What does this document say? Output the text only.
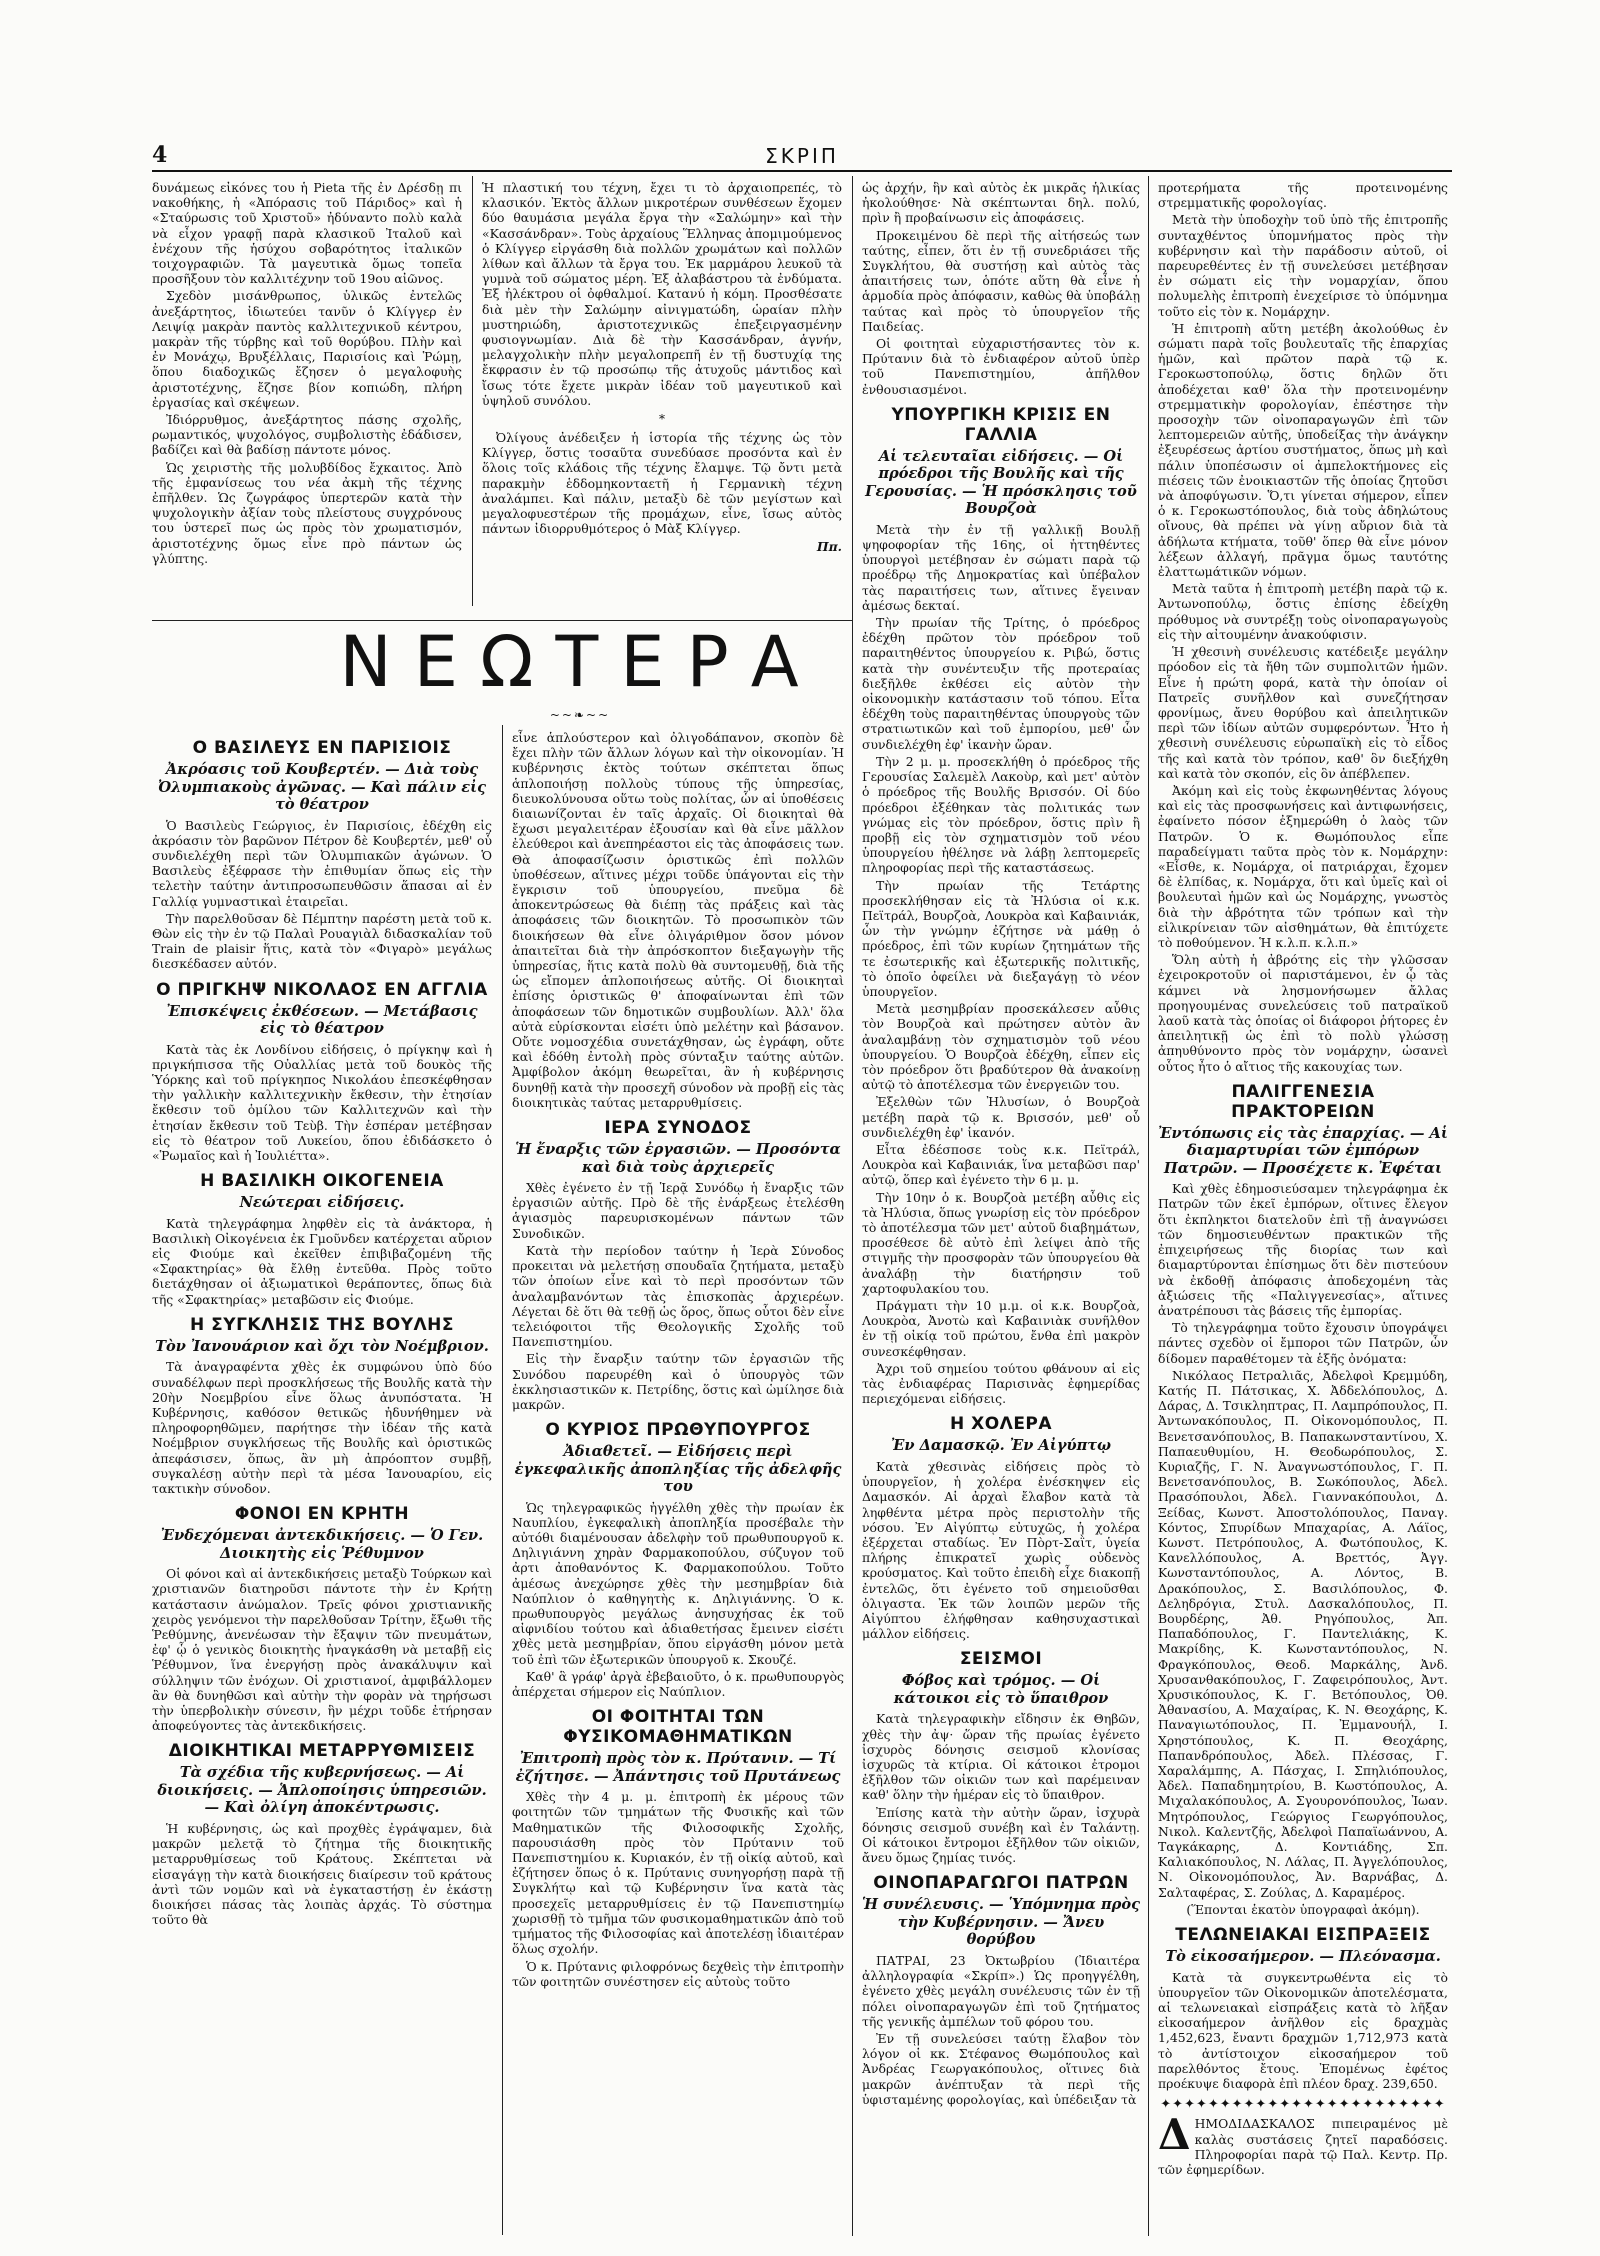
4	ΣΚΡΙΠ

δυνάμεως εἰκόνες του ἡ Pieta τῆς ἐν Δρέσδῃ πι νακοθήκης, ἡ «Ἀπόρασις τοῦ Πάριδος» καὶ ἡ «Σταύρωσις τοῦ Χριστοῦ» ἠδύναντο πολὺ καλὰ νὰ εἶχον γραφῇ παρὰ κλασικοῦ Ἰταλοῦ καὶ ἐνέχουν τῆς ἡσύχου σοβαρότητος ἰταλικῶν τοιχογραφιῶν. Τὰ μαγευτικὰ ὅμως τοπεῖα προσῆξουν τὸν καλλιτέχνην τοῦ 19ου αἰῶνος.

Σχεδὸν μισάνθρωπος, ὑλικῶς ἐντελῶς ἀνεξάρτητος, ἰδιωτεύει τανῦν ὁ Κλίγγερ ἐν Λειψίᾳ μακρὰν παντὸς καλλιτεχνικοῦ κέντρου, μακρὰν τῆς τύρβης καὶ τοῦ θορύβου. Πλὴν καὶ ἐν Μονάχῳ, Βρυξέλλαις, Παρισίοις καὶ Ῥώμῃ, ὅπου διαδοχικῶς ἔζησεν ὁ μεγαλοφυὴς ἀριστοτέχνης, ἔζησε βίον κοπιώδη, πλήρη ἐργασίας καὶ σκέψεων.

Ἰδιόρρυθμος, ἀνεξάρτητος πάσης σχολῆς, ρωμαντικός, ψυχολόγος, συμβολιστὴς ἐδάδισεν, βαδίζει καὶ θὰ βαδίσῃ πάντοτε μόνος.

Ὡς χειριστὴς τῆς μολυβδίδος ἔχκαιτος. Ἀπὸ τῆς ἐμφανίσεως του νέα ἀκμὴ τῆς τέχνης ἐπῆλθεν. Ὡς ζωγράφος ὑπερτερῶν κατὰ τὴν ψυχολογικὴν ἀξίαν τοὺς πλείστους συγχρόνους του ὑστερεῖ πως ὡς πρὸς τὸν χρωματισμόν, ἀριστοτέχνης ὅμως εἶνε πρὸ πάντων ὡς γλύπτης.

Ἡ πλαστική του τέχνη, ἔχει τι τὸ ἀρχαιοπρεπές, τὸ κλασικόν. Ἐκτὸς ἄλλων μικροτέρων συνθέσεων ἔχομεν δύο θαυμάσια μεγάλα ἔργα τὴν «Σαλώμην» καὶ τὴν «Κασσάνδραν». Τοὺς ἀρχαίους Ἕλληνας ἀπομιμούμενος ὁ Κλίγγερ εἰργάσθη διὰ πολλῶν χρωμάτων καὶ πολλῶν λίθων καὶ ἄλλων τὰ ἔργα του. Ἐκ μαρμάρου λευκοῦ τὰ γυμνὰ τοῦ σώματος μέρη. Ἐξ ἀλαβάστρου τὰ ἐνδύματα. Ἐξ ἠλέκτρου οἱ ὀφθαλμοί. Κατανύ ἡ κόμη. Προσθέσατε διὰ μὲν τὴν Σαλώμην αἰνιγματώδη, ὡραίαν πλὴν μυστηριώδη, ἀριστοτεχνικῶς ἐπεξειργασμένην φυσιογνωμίαν. Διὰ δὲ τὴν Κασσάνδραν, ἁγνήν, μελαγχολικὴν πλὴν μεγαλοπρεπῆ ἐν τῇ δυστυχίᾳ της ἔκφρασιν ἐν τῷ προσώπῳ τῆς ἀτυχοῦς μάντιδος καὶ ἴσως τότε ἔχετε μικρὰν ἰδέαν τοῦ μαγευτικοῦ καὶ ὑψηλοῦ συνόλου.

*

Ὀλίγους ἀνέδειξεν ἡ ἱστορία τῆς τέχνης ὡς τὸν Κλίγγερ, ὅστις τοσαῦτα συνεδύασε προσόντα καὶ ἐν ὅλοις τοῖς κλάδοις τῆς τέχνης ἔλαμψε. Τῷ ὄντι μετὰ παρακμὴν ἑδδομηκονταετῆ ἡ Γερμανικὴ τέχνη ἀναλάμπει. Καὶ πάλιν, μεταξὺ δὲ τῶν μεγίστων καὶ μεγαλοφυεστέρων τῆς προμάχων, εἶνε, ἴσως αὐτὸς πάντων ἰδιορρυθμότερος ὁ Μὰξ Κλίγγερ.

Ππ.

ὡς ἀρχήν, ἣν καὶ αὐτὸς ἐκ μικρᾶς ἡλικίας ἠκολούθησε· Νὰ σκέπτωνται δηλ. πολύ, πρὶν ἢ προβαίνωσιν εἰς ἀποφάσεις.

Προκειμένου δὲ περὶ τῆς αἰτήσεώς των ταύτης, εἶπεν, ὅτι ἐν τῇ συνεδριάσει τῆς Συγκλήτου, θὰ συστήσῃ καὶ αὐτὸς τὰς ἀπαιτήσεις των, ὁπότε αὕτη θὰ εἶνε ἡ ἁρμοδία πρὸς ἀπόφασιν, καθὼς θὰ ὑποβάλῃ ταύτας καὶ πρὸς τὸ ὑπουργεῖον τῆς Παιδείας.

Οἱ φοιτηταὶ εὐχαριστήσαντες τὸν κ. Πρύτανιν διὰ τὸ ἐνδιαφέρον αὐτοῦ ὑπὲρ τοῦ Πανεπιστημίου, ἀπῆλθον ἐνθουσιασμένοι.

ΥΠΟΥΡΓΙΚΗ ΚΡΙΣΙΣ ΕΝ ΓΑΛΛΙΑ
Αἱ τελευταῖαι εἰδήσεις. — Οἱ πρόεδροι τῆς Βουλῆς καὶ τῆς Γερουσίας. — Ἡ πρόσκλησις τοῦ Βουρζοὰ

Μετὰ τὴν ἐν τῇ γαλλικῇ Βουλῇ ψηφοφορίαν τῆς 16ης, οἱ ἡττηθέντες ὑπουργοὶ μετέβησαν ἐν σώματι παρὰ τῷ προέδρῳ τῆς Δημοκρατίας καὶ ὑπέβαλον τὰς παραιτήσεις των, αἵτινες ἔγειναν ἀμέσως δεκταί.

Τὴν πρωίαν τῆς Τρίτης, ὁ πρόεδρος ἐδέχθη πρῶτον τὸν πρόεδρον τοῦ παραιτηθέντος ὑπουργείου κ. Ριβώ, ὅστις κατὰ τὴν συνέντευξιν τῆς προτεραίας διεξῆλθε ἐκθέσει εἰς αὐτὸν τὴν οἰκονομικὴν κατάστασιν τοῦ τόπου. Εἶτα ἐδέχθη τοὺς παραιτηθέντας ὑπουργοὺς τῶν στρατιωτικῶν καὶ τοῦ ἐμπορίου, μεθ' ὧν συνδιελέχθη ἐφ' ἱκανὴν ὥραν.

Τὴν 2 μ. μ. προσεκλήθη ὁ πρόεδρος τῆς Γερουσίας Σαλεμὲλ Λακοὺρ, καὶ μετ' αὐτὸν ὁ πρόεδρος τῆς Βουλῆς Βρισσόν. Οἱ δύο πρόεδροι ἐξέθηκαν τὰς πολιτικάς των γνώμας εἰς τὸν πρόεδρον, ὅστις πρὶν ἢ προβῇ εἰς τὸν σχηματισμὸν τοῦ νέου ὑπουργείου ἠθέλησε νὰ λάβῃ λεπτομερεῖς πληροφορίας περὶ τῆς καταστάσεως.

Τὴν πρωίαν τῆς Τετάρτης προσεκλήθησαν εἰς τὰ Ἠλύσια οἱ κ.κ. Πεϊτράλ, Βουρζοὰ, Λουκρὸα καὶ Καβαινιάκ, ὧν τὴν γνώμην ἐζήτησε νὰ μάθῃ ὁ πρόεδρος, ἐπὶ τῶν κυρίων ζητημάτων τῆς τε ἐσωτερικῆς καὶ ἐξωτερικῆς πολιτικῆς, τὸ ὁποῖο ὀφείλει νὰ διεξαγάγῃ τὸ νέον ὑπουργεῖον.

Μετὰ μεσημβρίαν προσεκάλεσεν αὖθις τὸν Βουρζοὰ καὶ πρώτησεν αὐτὸν ἂν ἀναλαμβάνῃ τὸν σχηματισμὸν τοῦ νέου ὑπουργείου. Ὁ Βουρζοὰ ἐδέχθη, εἶπεν εἰς τὸν πρόεδρον ὅτι βραδύτερον θὰ ἀνακοίνῃ αὐτῷ τὸ ἀποτέλεσμα τῶν ἐνεργειῶν του.

Ἐξελθὼν τῶν Ἠλυσίων, ὁ Βουρζοὰ μετέβη παρὰ τῷ κ. Βρισσόν, μεθ' οὗ συνδιελέχθη ἐφ' ἱκανόν.

Εἶτα ἐδέσποσε τοὺς κ.κ. Πεϊτράλ, Λουκρὸα καὶ Καβαινιάκ, ἵνα μεταβῶσι παρ' αὐτῷ, ὅπερ καὶ ἐγένετο τὴν 6 μ. μ.

Τὴν 10ην ὁ κ. Βουρζοὰ μετέβη αὖθις εἰς τὰ Ἠλύσια, ὅπως γνωρίσῃ εἰς τὸν πρόεδρον τὸ ἀποτέλεσμα τῶν μετ' αὐτοῦ διαβημάτων, προσέθεσε δὲ αὐτὸ ἐπὶ λείψει ἀπὸ τῆς στιγμῆς τὴν προσφορὰν τῶν ὑπουργείου θὰ ἀναλάβῃ τὴν διατήρησιν τοῦ χαρτοφυλακίου του.

Πράγματι τὴν 10 μ.μ. οἱ κ.κ. Βουρζοὰ, Λουκρὸα, Ἀνοτὼ καὶ Καβαινιὰκ συνῆλθον ἐν τῇ οἰκίᾳ τοῦ πρώτου, ἔνθα ἐπὶ μακρὸν συνεσκέφθησαν.

Ἀχρι τοῦ σημείου τούτου φθάνουν αἱ εἰς τὰς ἐνδιαφέρας Παρισινὰς ἐφημερίδας περιεχόμεναι εἰδήσεις.

Η ΧΟΛΕΡΑ
Ἐν Δαμασκῷ. Ἐν Αἰγύπτῳ

Κατὰ χθεσινὰς εἰδήσεις πρὸς τὸ ὑπουργεῖον, ἡ χολέρα ἐνέσκηψεν εἰς Δαμασκόν. Αἱ ἀρχαὶ ἔλαβον κατὰ τὰ ληφθέντα μέτρα πρὸς περιστολὴν τῆς νόσου. Ἐν Αἰγύπτῳ εὐτυχῶς, ἡ χολέρα ἐξέρχεται σταδίως. Ἐν Πὸρτ-Σαῒτ, ὑγεία πλήρης ἐπικρατεῖ χωρὶς οὐδενὸς κρούσματος. Καὶ τοῦτο ἐπειδὴ εἶχε διακοπῇ ἐντελῶς, ὅτι ἐγένετο τοῦ σημειοῦσθαι ὀλιγαστα. Ἐκ τῶν λοιπῶν μερῶν τῆς Αἰγύπτου ἐλήφθησαν καθησυχαστικαὶ μάλλον εἰδήσεις.

ΣΕΙΣΜΟΙ
Φόβος καὶ τρόμος. — Οἱ κάτοικοι εἰς τὸ ὕπαιθρον

Κατὰ τηλεγραφικὴν εἴδησιν ἐκ Θηβῶν, χθὲς τὴν ἀψ· ὥραν τῆς πρωίας ἐγένετο ἰσχυρὸς δόνησις σεισμοῦ κλονίσας ἰσχυρῶς τὰ κτίρια. Οἱ κάτοικοι ἐτρομοι ἐξῆλθον τῶν οἰκιῶν των καὶ παρέμειναν καθ' ὅλην τὴν ἡμέραν εἰς τὸ ὕπαιθρον.

Ἐπίσης κατὰ τὴν αὐτὴν ὥραν, ἰσχυρὰ δόνησις σεισμοῦ συνέβη καὶ ἐν Ταλάντῃ. Οἱ κάτοικοι ἔντρομοι ἐξῆλθον τῶν οἰκιῶν, ἄνευ ὅμως ζημίας τινός.

ΟΙΝΟΠΑΡΑΓΩΓΟΙ ΠΑΤΡΩΝ
Ἡ συνέλευσις. — Ὑπόμνημα πρὸς τὴν Κυβέρνησιν. — Ἄνευ θορύβου

ΠΑΤΡΑΙ, 23 Ὀκτωβρίου (Ἰδιαιτέρα ἀλληλογραφία «Σκρίπ».) Ὡς προηγγέλθη, ἐγένετο χθὲς μεγάλη συνέλευσις τῶν ἐν τῇ πόλει οἰνοπαραγωγῶν ἐπὶ τοῦ ζητήματος τῆς γενικῆς ἀμπέλων τοῦ φόρου του.

Ἐν τῇ συνελεύσει ταύτῃ ἔλαβον τὸν λόγον οἱ κκ. Στέφανος Θωμόπουλος καὶ Ἀνδρέας Γεωργακόπουλος, οἵτινες διὰ μακρῶν ἀνέπτυξαν τὰ περὶ τῆς ὑφισταμένης φορολογίας, καὶ ὑπέδειξαν τὰ

προτερήματα τῆς προτεινομένης στρεμματικῆς φορολογίας.

Μετὰ τὴν ὑποδοχὴν τοῦ ὑπὸ τῆς ἐπιτροπῆς συνταχθέντος ὑπομνήματος πρὸς τὴν κυβέρνησιν καὶ τὴν παράδοσιν αὐτοῦ, οἱ παρευρεθέντες ἐν τῇ συνελεύσει μετέβησαν ἐν σώματι εἰς τὴν νομαρχίαν, ὅπου πολυμελὴς ἐπιτροπὴ ἐνεχείρισε τὸ ὑπόμνημα τοῦτο εἰς τὸν κ. Νομάρχην.

Ἡ ἐπιτροπὴ αὕτη μετέβη ἀκολούθως ἐν σώματι παρὰ τοῖς βουλευταῖς τῆς ἐπαρχίας ἡμῶν, καὶ πρῶτον παρὰ τῷ κ. Γεροκωστοπούλῳ, ὅστις δηλῶν ὅτι ἀποδέχεται καθ' ὅλα τὴν προτεινομένην στρεμματικὴν φορολογίαν, ἐπέστησε τὴν προσοχὴν τῶν οἰνοπαραγωγῶν ἐπὶ τῶν λεπτομερειῶν αὐτῆς, ὑποδείξας τὴν ἀνάγκην ἐξευρέσεως ἀρτίου συστήματος, ὅπως μὴ καὶ πάλιν ὑποπέσωσιν οἱ ἀμπελοκτήμονες εἰς πιέσεις τῶν ἐνοικιαστῶν τῆς ὁποίας ζητοῦσι νὰ ἀποφύγωσιν. Ὅ,τι γίνεται σήμερον, εἶπεν ὁ κ. Γεροκωστόπουλος, διὰ τοὺς ἀδηλώτους οἴνους, θὰ πρέπει νὰ γίνῃ αὔριον διὰ τὰ ἀδήλωτα κτήματα, τοῦθ' ὅπερ θὰ εἶνε μόνον λέξεων ἀλλαγή, πρᾶγμα ὅμως ταυτότης ἐλαττωμάτικῶν νόμων.

Μετὰ ταῦτα ἡ ἐπιτροπὴ μετέβη παρὰ τῷ κ. Ἀντωνοπούλῳ, ὅστις ἐπίσης ἐδείχθη πρόθυμος νὰ συντρέξῃ τοὺς οἰνοπαραγωγοὺς εἰς τὴν αἰτουμένην ἀνακούφισιν.

Ἡ χθεσινὴ συνέλευσις κατέδειξε μεγάλην πρόοδον εἰς τὰ ἤθη τῶν συμπολιτῶν ἡμῶν. Εἶνε ἡ πρώτη φορά, κατὰ τὴν ὁποίαν οἱ Πατρεῖς συνῆλθον καὶ συνεζήτησαν φρονίμως, ἄνευ θορύβου καὶ ἀπειλητικῶν περὶ τῶν ἰδίων αὐτῶν συμφερόντων. Ἦτο ἡ χθεσινὴ συνέλευσις εὐρωπαϊκὴ εἰς τὸ εἶδος τῆς καὶ κατὰ τὸν τρόπον, καθ' ὃν διεξήχθη καὶ κατὰ τὸν σκοπόν, εἰς ὃν ἀπέβλεπεν.

Ἀκόμη καὶ εἰς τοὺς ἐκφωνηθέντας λόγους καὶ εἰς τὰς προσφωνήσεις καὶ ἀντιφωνήσεις, ἐφαίνετο πόσον ἐξημερώθη ὁ λαὸς τῶν Πατρῶν. Ὁ κ. Θωμόπουλος εἶπε παραδείγματι ταῦτα πρὸς τὸν κ. Νομάρχην: «Εἶσθε, κ. Νομάρχα, οἱ πατριάρχαι, ἔχομεν δὲ ἐλπίδας, κ. Νομάρχα, ὅτι καὶ ὑμεῖς καὶ οἱ βουλευταὶ ἡμῶν καὶ ὡς Νομάρχης, γνωστὸς διὰ τὴν ἀβρότητα τῶν τρόπων καὶ τὴν εἰλικρίνειαν τῶν αἰσθημάτων, θὰ ἐπιτύχετε τὸ ποθούμενον. Ἡ κ.λ.π. κ.λ.π.»

Ὅλη αὐτὴ ἡ ἀβρότης εἰς τὴν γλῶσσαν ἐχειροκροτοῦν οἱ παριστάμενοι, ἐν ᾧ τὰς κάμνει νὰ λησμονήσωμεν ἄλλας προηγουμένας συνελεύσεις τοῦ πατραϊκοῦ λαοῦ κατὰ τὰς ὁποίας οἱ διάφοροι ῥήτορες ἐν ἀπειλητικῇ ὡς ἐπὶ τὸ πολὺ γλώσσῃ ἀπηυθύνοντο πρὸς τὸν νομάρχην, ὡσανεὶ οὗτος ἦτο ὁ αἴτιος τῆς κακουχίας των.

ΠΑΛΙΓΓΕΝΕΣΙΑ ΠΡΑΚΤΟΡΕΙΩΝ
Ἐντόπωσις εἰς τὰς ἐπαρχίας. — Αἱ διαμαρτυρίαι τῶν ἐμπόρων Πατρῶν. — Προσέχετε κ. Ἐφέται

Καὶ χθὲς ἐδημοσιεύσαμεν τηλεγράφημα ἐκ Πατρῶν τῶν ἐκεῖ ἐμπόρων, οἵτινες ἔλεγον ὅτι ἐκπληκτοι διατελοῦν ἐπὶ τῇ ἀναγνώσει τῶν δημοσιευθέντων πρακτικῶν τῆς ἐπιχειρήσεως τῆς διορίας των καὶ διαμαρτύρονται ἐπίσημως ὅτι δὲν πιστεύουν νὰ ἐκδοθῇ ἀπόφασις ἀποδεχομένη τὰς ἀξιώσεις τῆς «Παλιγγενεσίας», αἵτινες ἀνατρέπουσι τὰς βάσεις τῆς ἐμπορίας.

Τὸ τηλεγράφημα τοῦτο ἔχουσιν ὑπογράψει πάντες σχεδὸν οἱ ἔμποροι τῶν Πατρῶν, ὧν δίδομεν παραθέτομεν τὰ ἑξῆς ὀνόματα:

Νικόλαος Πετραλιᾶς, Ἀδελφοὶ Κρεμμύδη, Κατής Π. Πάτσικας, Χ. Ἀδδελόπουλος, Δ. Δάρας, Δ. Τσικληπτρας, Π. Λαμπρόπουλος, Π. Ἀντωνακόπουλος, Π. Οἰκονομόπουλος, Π. Βενετσανόπουλος, Β. Παπακωνσταντίνου, Χ. Παπαευθυμίου, Η. Θεοδωρόπουλος, Σ. Κυριαζῆς, Γ. Ν. Ἀναγνωστόπουλος, Γ. Π. Βενετσανόπουλος, Β. Σωκόπουλος, Ἀδελ. Πρασόπουλοι, Ἀδελ. Γιαννακόπουλοι, Δ. Ξείδας, Κωνστ. Ἀποστολόπουλος, Παναγ. Κόντος, Σπυρίδων Μπαχαρίας, Α. Λάϊος, Κωνστ. Πετρόπουλος, Α. Φωτόπουλος, Κ. Κανελλόπουλος, Α. Βρεττός, Ἀγγ. Κωνσταντόπουλος, Α. Λόντος, Β. Δρακόπουλος, Σ. Βασιλόπουλος, Φ. Δεληδρόγια, Στυλ. Δασκαλόπουλος, Π. Βουρδέρης, Ἀθ. Ρηγόπουλος, Ἀπ. Παπαδόπουλος, Γ. Παντελιάκης, Κ. Μακρίδης, Κ. Κωνσταντόπουλος, Ν. Φραγκόπουλος, Θεοδ. Μαρκάλης, Ἀνδ. Χρυσανθακόπουλος, Γ. Ζαφειρόπουλος, Ἀντ. Χρυσικόπουλος, Κ. Γ. Βετόπουλος, Ὀθ. Ἀθανασίου, Α. Μαχαίρας, Κ. Ν. Θεοχάρης, Κ. Παναγιωτόπουλος, Π. Ἐμμανουήλ, Ι. Χρηστόπουλος, Κ. Π. Θεοχάρης, Παπανδρόπουλος, Ἀδελ. Πλέσσας, Γ. Χαραλάμπης, Α. Πάσχας, Ι. Σπηλιόπουλος, Ἀδελ. Παπαδημητρίου, Β. Κωστόπουλος, Α. Μιχαλακόπουλος, Α. Σγουρονόπουλος, Ἰωαν. Μητρόπουλος, Γεώργιος Γεωργόπουλος, Νικολ. Καλεντζῆς, Ἀδελφοὶ Παπαϊωάννου, Α. Ταγκάκαρης, Δ. Κοντιάδης, Σπ. Καλιακόπουλος, Ν. Λάλας, Π. Ἀγγελόπουλος, Ν. Οἰκονομόπουλος, Ἀν. Βαρνάβας, Δ. Σαλταφέρας, Σ. Ζούλας, Δ. Καραμέρος.

(Ἕπονται ἑκατὸν ὑπογραφαὶ ἀκόμη).

ΤΕΛΩΝΕΙΑΚΑΙ ΕΙΣΠΡΑΞΕΙΣ
Τὸ εἰκοσαήμερον. — Πλεόνασμα.

Κατὰ τὰ συγκεντρωθέντα εἰς τὸ ὑπουργεῖον τῶν Οἰκονομικῶν ἀποτελέσματα, αἱ τελωνειακαὶ εἰσπράξεις κατὰ τὸ λῆξαν εἰκοσαήμερον ἀνῆλθον εἰς δραχμὰς 1,452,623, ἔναντι δραχμῶν 1,712,973 κατὰ τὸ ἀντίστοιχον εἰκοσαήμερον τοῦ παρελθόντος ἔτους. Ἐπομένως ἐφέτος προέκυψε διαφορὰ ἐπὶ πλέον δραχ. 239,650.

✦✦✦✦✦✦✦✦✦✦✦✦✦✦✦✦✦✦✦✦✦✦✦✦
Δ ΗΜΟΔΙΔΑΣΚΑΛΟΣ πιπειραμένος μὲ καλὰς συστάσεις ζητεῖ παραδόσεις. Πληροφορίαι παρὰ τῷ Παλ. Κεντρ. Πρ. τῶν ἐφημερίδων.
ΝΕΩΤΕΡΑ
~~❧~~
Ο ΒΑΣΙΛΕΥΣ ΕΝ ΠΑΡΙΣΙΟΙΣ
Ἀκρόασις τοῦ Κουβερτέν. — Διὰ τοὺς Ὀλυμπιακοὺς ἀγῶνας. — Καὶ πάλιν εἰς τὸ θέατρον

Ὁ Βασιλεὺς Γεώργιος, ἐν Παρισίοις, ἐδέχθη εἰς ἀκρόασιν τὸν βαρῶνον Πέτρον δὲ Κουβερτέν, μεθ' οὗ συνδιελέχθη περὶ τῶν Ὀλυμπιακῶν ἀγώνων. Ὁ Βασιλεὺς ἐξέφρασε τὴν ἐπιθυμίαν ὅπως εἰς τὴν τελετὴν ταύτην ἀντιπροσωπευθῶσιν ἅπασαι αἱ ἐν Γαλλίᾳ γυμναστικαὶ ἑταιρεῖαι.

Τὴν παρελθοῦσαν δὲ Πέμπτην παρέστη μετὰ τοῦ κ. Θὼν εἰς τὴν ἐν τῷ Παλαὶ Ρουαγιὰλ διδασκαλίαν τοῦ Train de plaisir ἥτις, κατὰ τὸν «Φιγαρὸ» μεγάλως διεσκέδασεν αὐτόν.

Ο ΠΡΙΓΚΗΨ ΝΙΚΟΛΑΟΣ ΕΝ ΑΓΓΛΙΑ
Ἐπισκέψεις ἐκθέσεων. — Μετάβασις εἰς τὸ θέατρον

Κατὰ τὰς ἐκ Λονδίνου εἰδήσεις, ὁ πρίγκηψ καὶ ἡ πριγκήπισσα τῆς Οὐαλλίας μετὰ τοῦ δουκὸς τῆς Ὑόρκης καὶ τοῦ πρίγκηπος Νικολάου ἐπεσκέφθησαν τὴν γαλλικὴν καλλιτεχνικὴν ἔκθεσιν, τὴν ἐτησίαν ἔκθεσιν τοῦ ὁμίλου τῶν Καλλιτεχνῶν καὶ τὴν ἐτησίαν ἔκθεσιν τοῦ Τεὺβ. Τὴν ἑσπέραν μετέβησαν εἰς τὸ θέατρον τοῦ Λυκείου, ὅπου ἐδιδάσκετο ὁ «Ῥωμαῖος καὶ ἡ Ἰουλιέττα».

Η ΒΑΣΙΛΙΚΗ ΟΙΚΟΓΕΝΕΙΑ
Νεώτεραι εἰδήσεις.

Κατὰ τηλεγράφημα ληφθὲν εἰς τὰ ἀνάκτορα, ἡ Βασιλικὴ Οἰκογένεια ἐκ Γμοῦνδεν κατέρχεται αὔριον εἰς Φιούμε καὶ ἐκεῖθεν ἐπιβιβαζομένη τῆς «Σφακτηρίας» θὰ ἔλθῃ ἐντεῦθα. Πρὸς τοῦτο διετάχθησαν οἱ ἀξιωματικοὶ θεράποντες, ὅπως διὰ τῆς «Σφακτηρίας» μεταβῶσιν εἰς Φιούμε.

Η ΣΥΓΚΛΗΣΙΣ ΤΗΣ ΒΟΥΛΗΣ
Τὸν Ἰανουάριον καὶ ὄχι τὸν Νοέμβριον.

Τὰ ἀναγραφέντα χθὲς ἐκ συμφώνου ὑπὸ δύο συναδέλφων περὶ προσκλήσεως τῆς Βουλῆς κατὰ τὴν 20ὴν Νοεμβρίου εἶνε ὅλως ἀνυπόστατα. Ἡ Κυβέρνησις, καθόσον θετικῶς ἠδυνήθημεν νὰ πληροφορηθῶμεν, παρήτησε τὴν ἰδέαν τῆς κατὰ Νοέμβριον συγκλήσεως τῆς Βουλῆς καὶ ὁριστικῶς ἀπεφάσισεν, ὅπως, ἂν μὴ ἀπρόοπτον συμβῇ, συγκαλέσῃ αὐτὴν περὶ τὰ μέσα Ἰανουαρίου, εἰς τακτικὴν σύνοδον.

ΦΟΝΟΙ ΕΝ ΚΡΗΤΗ
Ἐνδεχόμεναι ἀντεκδικήσεις. — Ὁ Γεν. Διοικητὴς εἰς Ῥέθυμνον

Οἱ φόνοι καὶ αἱ ἀντεκδικήσεις μεταξὺ Τούρκων καὶ χριστιανῶν διατηροῦσι πάντοτε τὴν ἐν Κρήτῃ κατάστασιν ἀνώμαλον. Τρεῖς φόνοι χριστιανικῆς χειρὸς γενόμενοι τὴν παρελθοῦσαν Τρίτην, ἔξωθι τῆς Ῥεθύμνης, ἀνενέωσαν τὴν ἔξαψιν τῶν πνευμάτων, ἐφ' ᾧ ὁ γενικὸς διοικητὴς ἠναγκάσθη νὰ μεταβῇ εἰς Ῥέθυμνον, ἵνα ἐνεργήσῃ πρὸς ἀνακάλυψιν καὶ σύλληψιν τῶν ἐνόχων. Οἱ χριστιανοί, ἀμφιβάλλομεν ἂν θὰ δυνηθῶσι καὶ αὐτὴν τὴν φορὰν νὰ τηρήσωσι τὴν ὑπερβολικὴν σύνεσιν, ἣν μέχρι τοῦδε ἐτήρησαν ἀποφεύγοντες τὰς ἀντεκδικήσεις.

ΔΙΟΙΚΗΤΙΚΑΙ ΜΕΤΑΡΡΥΘΜΙΣΕΙΣ
Τὰ σχέδια τῆς κυβερνήσεως. — Αἱ διοικήσεις. — Ἁπλοποίησις ὑπηρεσιῶν. — Καὶ ὀλίγη ἀποκέντρωσις.

Ἡ κυβέρνησις, ὡς καὶ προχθὲς ἐγράψαμεν, διὰ μακρῶν μελετᾷ τὸ ζήτημα τῆς διοικητικῆς μεταρρυθμίσεως τοῦ Κράτους. Σκέπτεται νὰ εἰσαγάγῃ τὴν κατὰ διοικήσεις διαίρεσιν τοῦ κράτους ἀντὶ τῶν νομῶν καὶ νὰ ἐγκαταστήσῃ ἐν ἑκάστῃ διοικήσει πάσας τὰς λοιπὰς ἀρχάς. Τὸ σύστημα τοῦτο θὰ

εἶνε ἁπλούστερον καὶ ὀλιγοδάπανον, σκοπὸν δὲ ἔχει πλὴν τῶν ἄλλων λόγων καὶ τὴν οἰκονομίαν. Ἡ κυβέρνησις ἐκτὸς τούτων σκέπτεται ὅπως ἁπλοποιήσῃ πολλοὺς τύπους τῆς ὑπηρεσίας, διευκολύνουσα οὕτω τοὺς πολίτας, ὧν αἱ ὑποθέσεις διαιωνίζονται ἐν ταῖς ἀρχαῖς. Οἱ διοικηταὶ θὰ ἔχωσι μεγαλειτέραν ἐξουσίαν καὶ θὰ εἶνε μᾶλλον ἐλεύθεροι καὶ ἀνεπηρέαστοι εἰς τὰς ἀποφάσεις των. Θὰ ἀποφασίζωσιν ὁριστικῶς ἐπὶ πολλῶν ὑποθέσεων, αἵτινες μέχρι τοῦδε ὑπάγονται εἰς τὴν ἔγκρισιν τοῦ ὑπουργείου, πνεῦμα δὲ ἀποκεντρώσεως θὰ διέπῃ τὰς πράξεις καὶ τὰς ἀποφάσεις τῶν διοικητῶν. Τὸ προσωπικὸν τῶν διοικήσεων θὰ εἶνε ὀλιγάριθμον ὅσον μόνον ἀπαιτεῖται διὰ τὴν ἀπρόσκοπτον διεξαγωγὴν τῆς ὑπηρεσίας, ἥτις κατὰ πολὺ θὰ συντομευθῇ, διὰ τῆς ὡς εἴπομεν ἁπλοποιήσεως αὐτῆς. Οἱ διοικηταὶ ἐπίσης ὁριστικῶς θ' ἀποφαίνωνται ἐπὶ τῶν ἀποφάσεων τῶν δημοτικῶν συμβουλίων. Ἀλλ' ὅλα αὐτὰ εὑρίσκονται εἰσέτι ὑπὸ μελέτην καὶ βάσανον. Οὔτε νομοσχέδια συνετάχθησαν, ὡς ἐγράφη, οὔτε καὶ ἐδόθη ἐντολὴ πρὸς σύνταξιν ταύτης αὐτῶν. Ἀμφίβολον ἀκόμη θεωρεῖται, ἂν ἡ κυβέρνησις δυνηθῇ κατὰ τὴν προσεχῆ σύνοδον νὰ προβῇ εἰς τὰς διοικητικὰς ταύτας μεταρρυθμίσεις.

ΙΕΡΑ ΣΥΝΟΔΟΣ
Ἡ ἔναρξις τῶν ἐργασιῶν. — Προσόντα καὶ διὰ τοὺς ἀρχιερεῖς

Χθὲς ἐγένετο ἐν τῇ Ἱερᾷ Συνόδῳ ἡ ἔναρξις τῶν ἐργασιῶν αὐτῆς. Πρὸ δὲ τῆς ἐνάρξεως ἐτελέσθη ἁγιασμὸς παρευρισκομένων πάντων τῶν Συνοδικῶν.

Κατὰ τὴν περίοδον ταύτην ἡ Ἱερὰ Σύνοδος προκειται νὰ μελετήσῃ σπουδαῖα ζητήματα, μεταξὺ τῶν ὁποίων εἶνε καὶ τὸ περὶ προσόντων τῶν ἀναλαμβανόντων τὰς ἐπισκοπὰς ἀρχιερέων. Λέγεται δὲ ὅτι θὰ τεθῇ ὡς ὅρος, ὅπως οὗτοι δὲν εἶνε τελειόφοιτοι τῆς Θεολογικῆς Σχολῆς τοῦ Πανεπιστημίου.

Εἰς τὴν ἔναρξιν ταύτην τῶν ἐργασιῶν τῆς Συνόδου παρευρέθη καὶ ὁ ὑπουργὸς τῶν ἐκκλησιαστικῶν κ. Πετρίδης, ὅστις καὶ ὡμίλησε διὰ μακρῶν.

Ο ΚΥΡΙΟΣ ΠΡΩΘΥΠΟΥΡΓΟΣ
Ἀδιαθετεῖ. — Εἰδήσεις περὶ ἐγκεφαλικῆς ἀποπληξίας τῆς ἀδελφῆς του

Ὡς τηλεγραφικῶς ἠγγέλθη χθὲς τὴν πρωίαν ἐκ Ναυπλίου, ἐγκεφαλικὴ ἀποπληξία προσέβαλε τὴν αὐτόθι διαμένουσαν ἀδελφὴν τοῦ πρωθυπουργοῦ κ. Δηλιγιάννη χηρὰν Φαρμακοπούλου, σύζυγον τοῦ ἀρτι ἀποθανόντος Κ. Φαρμακοπούλου. Τοῦτο ἀμέσως ἀνεχώρησε χθὲς τὴν μεσημβρίαν διὰ Ναύπλιον ὁ καθηγητὴς κ. Δηλιγιάννης. Ὁ κ. πρωθυπουργὸς μεγάλως ἀνησυχήσας ἐκ τοῦ αἰφνιδίου τούτου καὶ ἀδιαθετήσας ἔμεινεν εἰσέτι χθὲς μετὰ μεσημβρίαν, ὅπου εἰργάσθη μόνον μετὰ τοῦ ἐπὶ τῶν ἐξωτερικῶν ὑπουργοῦ κ. Σκουζέ.

Καθ' ἃ γράφ' ἀργὰ ἐβεβαιοῦτο, ὁ κ. πρωθυπουργὸς ἀπέρχεται σήμερον εἰς Ναύπλιον.

ΟΙ ΦΟΙΤΗΤΑΙ ΤΩΝ ΦΥΣΙΚΟΜΑΘΗΜΑΤΙΚΩΝ
Ἐπιτροπὴ πρὸς τὸν κ. Πρύτανιν. — Τί ἐζήτησε. — Ἀπάντησις τοῦ Πρυτάνεως

Χθὲς τὴν 4 μ. μ. ἐπιτροπὴ ἐκ μέρους τῶν φοιτητῶν τῶν τμημάτων τῆς Φυσικῆς καὶ τῶν Μαθηματικῶν τῆς Φιλοσοφικῆς Σχολῆς, παρουσιάσθη πρὸς τὸν Πρύτανιν τοῦ Πανεπιστημίου κ. Κυριακόν, ἐν τῇ οἰκίᾳ αὐτοῦ, καὶ ἐζήτησεν ὅπως ὁ κ. Πρύτανις συνηγορήσῃ παρὰ τῇ Συγκλήτῳ καὶ τῷ Κυβέρνησιν ἵνα κατὰ τὰς προσεχεῖς μεταρρυθμίσεις ἐν τῷ Πανεπιστημίῳ χωρισθῇ τὸ τμῆμα τῶν φυσικομαθηματικῶν ἀπὸ τοῦ τμήματος τῆς Φιλοσοφίας καὶ ἀποτελέσῃ ἰδιαιτέραν ὅλως σχολήν.

Ὁ κ. Πρύτανις φιλοφρόνως δεχθεὶς τὴν ἐπιτροπὴν τῶν φοιτητῶν συνέστησεν εἰς αὐτοὺς τοῦτο
